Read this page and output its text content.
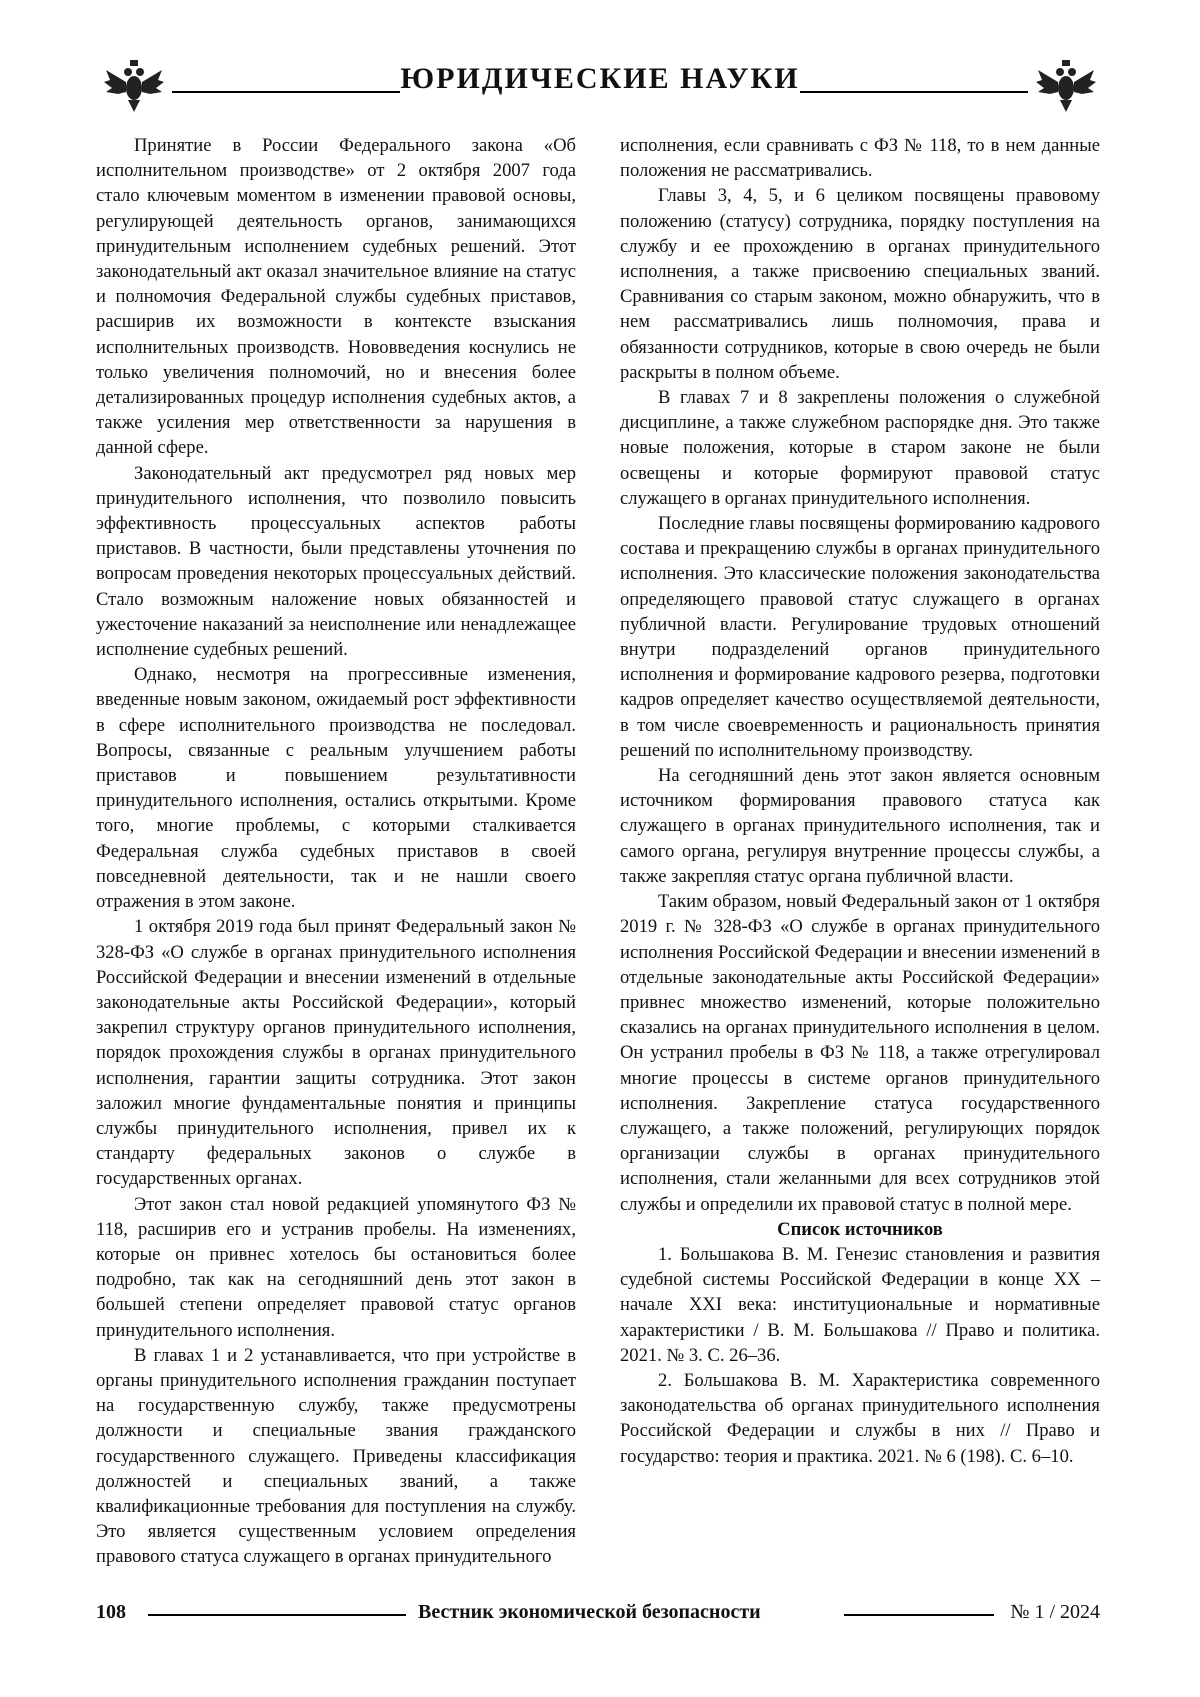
ЮРИДИЧЕСКИЕ НАУКИ

Принятие в России Федерального закона «Об исполнительном производстве» от 2 октября 2007 года стало ключевым моментом в изменении правовой основы, регулирующей деятельность органов, занимающихся принудительным исполнением судебных решений. Этот законодательный акт оказал значительное влияние на статус и полномочия Федеральной службы судебных приставов, расширив их возможности в контексте взыскания исполнительных производств. Нововведения коснулись не только увеличения полномочий, но и внесения более детализированных процедур исполнения судебных актов, а также усиления мер ответственности за нарушения в данной сфере.

Законодательный акт предусмотрел ряд новых мер принудительного исполнения, что позволило повысить эффективность процессуальных аспектов работы приставов. В частности, были представлены уточнения по вопросам проведения некоторых процессуальных действий. Стало возможным наложение новых обязанностей и ужесточение наказаний за неисполнение или ненадлежащее исполнение судебных решений.

Однако, несмотря на прогрессивные изменения, введенные новым законом, ожидаемый рост эффективности в сфере исполнительного производства не последовал. Вопросы, связанные с реальным улучшением работы приставов и повышением результативности принудительного исполнения, остались открытыми. Кроме того, многие проблемы, с которыми сталкивается Федеральная служба судебных приставов в своей повседневной деятельности, так и не нашли своего отражения в этом законе.

1 октября 2019 года был принят Федеральный закон № 328-ФЗ «О службе в органах принудительного исполнения Российской Федерации и внесении изменений в отдельные законодательные акты Российской Федерации», который закрепил структуру органов принудительного исполнения, порядок прохождения службы в органах принудительного исполнения, гарантии защиты сотрудника. Этот закон заложил многие фундаментальные понятия и принципы службы принудительного исполнения, привел их к стандарту федеральных законов о службе в государственных органах.

Этот закон стал новой редакцией упомянутого ФЗ № 118, расширив его и устранив пробелы. На изменениях, которые он привнес хотелось бы остановиться более подробно, так как на сегодняшний день этот закон в большей степени определяет правовой статус органов принудительного исполнения.

В главах 1 и 2 устанавливается, что при устройстве в органы принудительного исполнения гражданин поступает на государственную службу, также предусмотрены должности и специальные звания гражданского государственного служащего. Приведены классификация должностей и специальных званий, а также квалификационные требования для поступления на службу. Это является существенным условием определения правового статуса служащего в органах принудительного

исполнения, если сравнивать с ФЗ № 118, то в нем данные положения не рассматривались.

Главы 3, 4, 5, и 6 целиком посвящены правовому положению (статусу) сотрудника, порядку поступления на службу и ее прохождению в органах принудительного исполнения, а также присвоению специальных званий. Сравнивания со старым законом, можно обнаружить, что в нем рассматривались лишь полномочия, права и обязанности сотрудников, которые в свою очередь не были раскрыты в полном объеме.

В главах 7 и 8 закреплены положения о служебной дисциплине, а также служебном распорядке дня. Это также новые положения, которые в старом законе не были освещены и которые формируют правовой статус служащего в органах принудительного исполнения.

Последние главы посвящены формированию кадрового состава и прекращению службы в органах принудительного исполнения. Это классические положения законодательства определяющего правовой статус служащего в органах публичной власти. Регулирование трудовых отношений внутри подразделений органов принудительного исполнения и формирование кадрового резерва, подготовки кадров определяет качество осуществляемой деятельности, в том числе своевременность и рациональность принятия решений по исполнительному производству.

На сегодняшний день этот закон является основным источником формирования правового статуса как служащего в органах принудительного исполнения, так и самого органа, регулируя внутренние процессы службы, а также закрепляя статус органа публичной власти.

Таким образом, новый Федеральный закон от 1 октября 2019 г. № 328-ФЗ «О службе в органах принудительного исполнения Российской Федерации и внесении изменений в отдельные законодательные акты Российской Федерации» привнес множество изменений, которые положительно сказались на органах принудительного исполнения в целом. Он устранил пробелы в ФЗ № 118, а также отрегулировал многие процессы в системе органов принудительного исполнения. Закрепление статуса государственного служащего, а также положений, регулирующих порядок организации службы в органах принудительного исполнения, стали желанными для всех сотрудников этой службы и определили их правовой статус в полной мере.

Список источников

1. Большакова В. М. Генезис становления и развития судебной системы Российской Федерации в конце XX – начале XXI века: институциональные и нормативные характеристики / В. М. Большакова // Право и политика. 2021. № 3. С. 26–36.

2. Большакова В. М. Характеристика современного законодательства об органах принудительного исполнения Российской Федерации и службы в них // Право и государство: теория и практика. 2021. № 6 (198). С. 6–10.

108	Вестник экономической безопасности	№ 1 / 2024
